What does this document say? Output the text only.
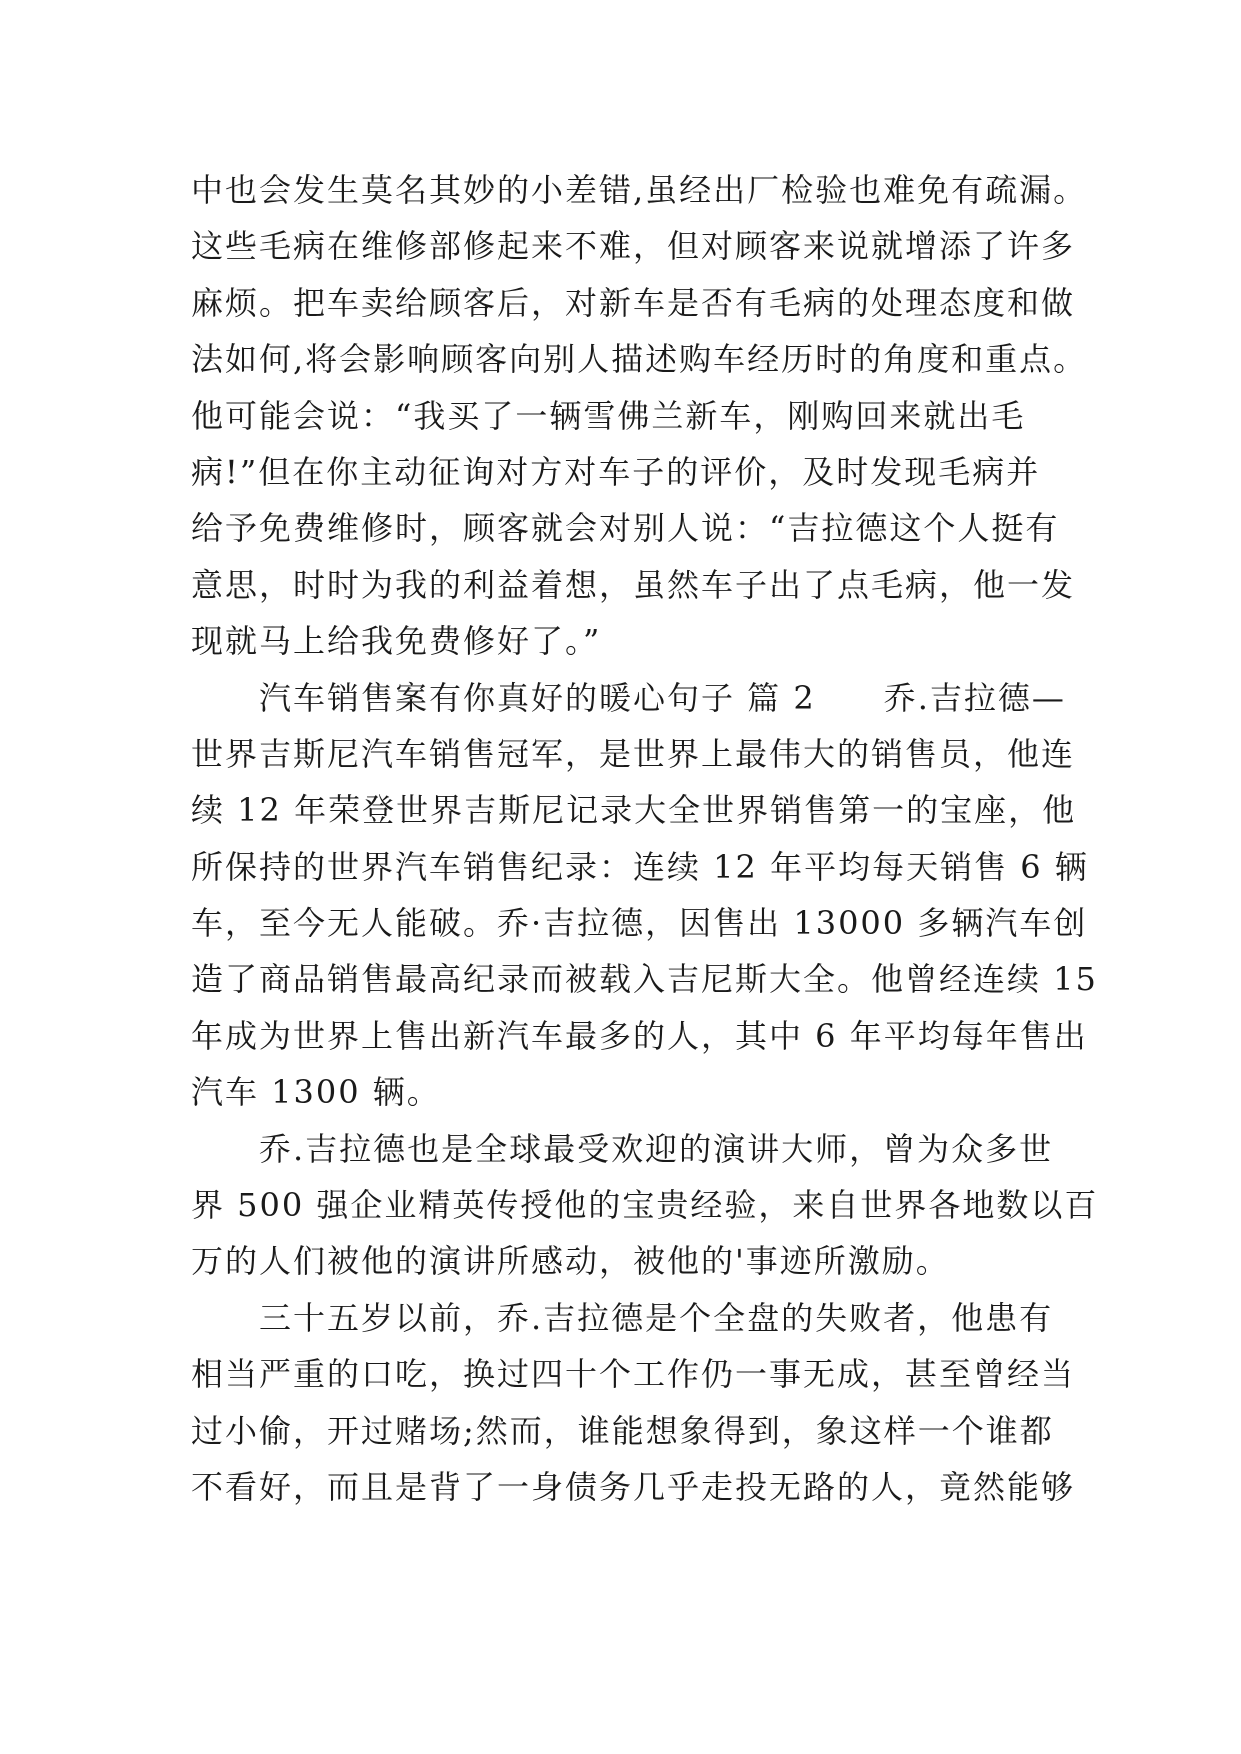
中也会发生莫名其妙的小差错,虽经出厂检验也难免有疏漏。
这些毛病在维修部修起来不难，但对顾客来说就增添了许多
麻烦。把车卖给顾客后，对新车是否有毛病的处理态度和做
法如何,将会影响顾客向别人描述购车经历时的角度和重点。
他可能会说：“我买了一辆雪佛兰新车，刚购回来就出毛
病!”但在你主动征询对方对车子的评价，及时发现毛病并
给予免费维修时，顾客就会对别人说：“吉拉德这个人挺有
意思，时时为我的利益着想，虽然车子出了点毛病，他一发
现就马上给我免费修好了。”
　　汽车销售案有你真好的暖心句子 篇 2　　乔.吉拉德—
世界吉斯尼汽车销售冠军，是世界上最伟大的销售员，他连
续 12 年荣登世界吉斯尼记录大全世界销售第一的宝座，他
所保持的世界汽车销售纪录：连续 12 年平均每天销售 6 辆
车，至今无人能破。乔·吉拉德，因售出 13000 多辆汽车创
造了商品销售最高纪录而被载入吉尼斯大全。他曾经连续 15
年成为世界上售出新汽车最多的人，其中 6 年平均每年售出
汽车 1300 辆。
　　乔.吉拉德也是全球最受欢迎的演讲大师，曾为众多世
界 500 强企业精英传授他的宝贵经验，来自世界各地数以百
万的人们被他的演讲所感动，被他的'事迹所激励。
　　三十五岁以前，乔.吉拉德是个全盘的失败者，他患有
相当严重的口吃，换过四十个工作仍一事无成，甚至曾经当
过小偷，开过赌场;然而，谁能想象得到，象这样一个谁都
不看好，而且是背了一身债务几乎走投无路的人，竟然能够
